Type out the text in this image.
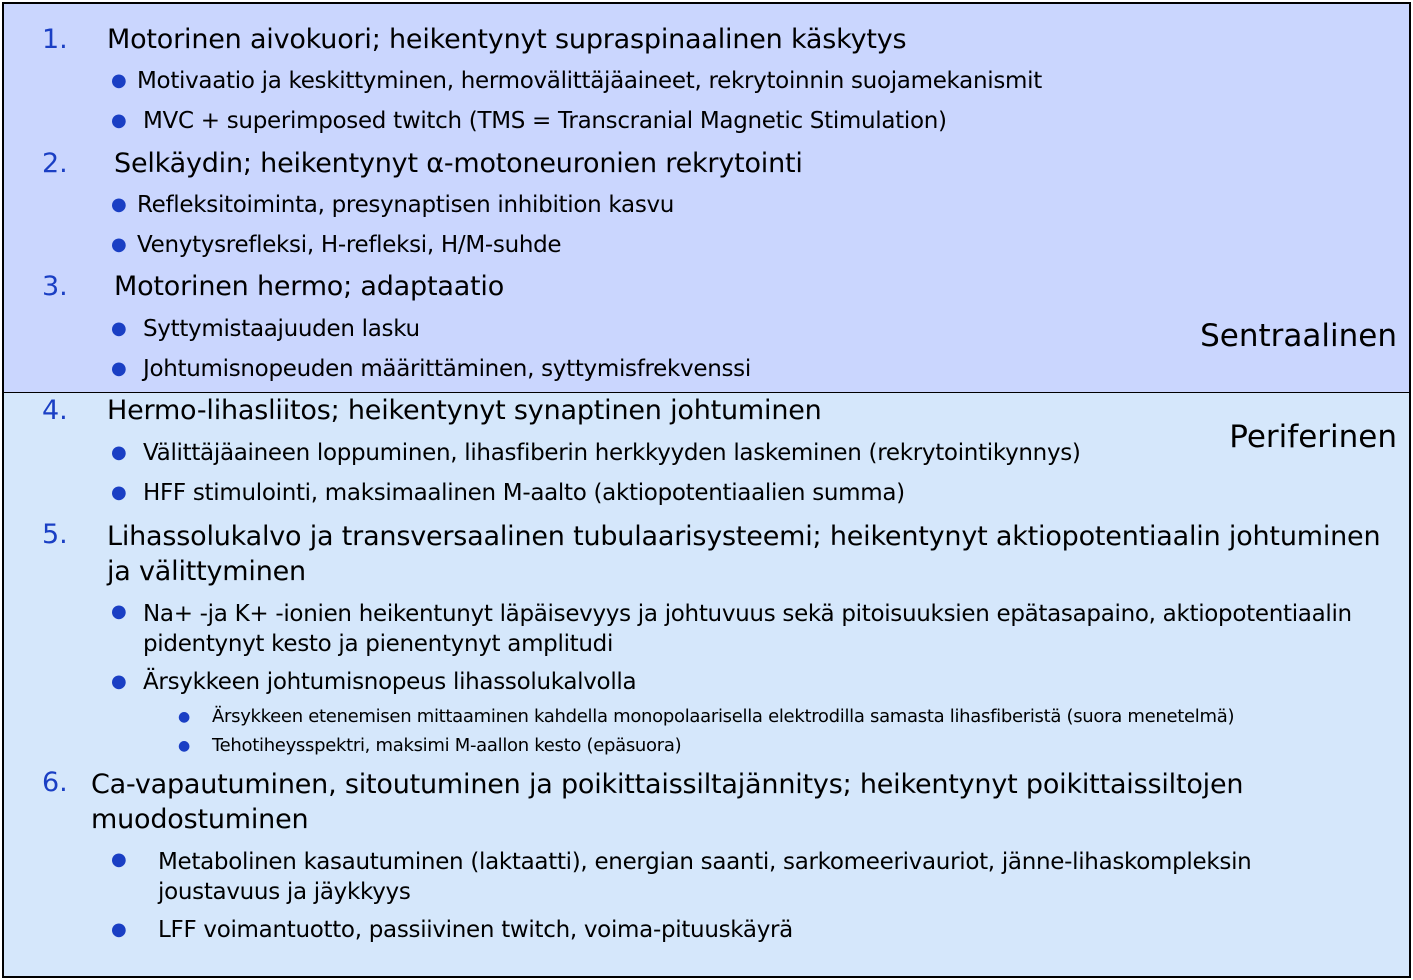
1. Motorinen aivokuori; heikentynyt supraspinaalinen käskytys
● Motivaatio ja keskittyminen, hermovälittäjäaineet, rekrytoinnin suojamekanismit
● MVC + superimposed twitch (TMS = Transcranial Magnetic Stimulation)
2. Selkäydin; heikentynyt α-motoneuronien rekrytointi
● Refleksitoiminta, presynaptisen inhibition kasvu
● Venytysrefleksi, H-refleksi, H/M-suhde
3. Motorinen hermo; adaptaatio
● Syttymistaajuuden lasku
● Johtumisnopeuden määrittäminen, syttymisfrekvenssi
Sentraalinen
4. Hermo-lihasliitos; heikentynyt synaptinen johtuminen
Periferinen
● Välittäjäaineen loppuminen, lihasfiberin herkkyyden laskeminen (rekrytointikynnys)
● HFF stimulointi, maksimaalinen M-aalto (aktiopotentiaalien summa)
5. Lihassolukalvo ja transversaalinen tubulaarisysteemi; heikentynyt aktiopotentiaalin johtuminen ja välittyminen
● Na+ -ja K+ -ionien heikentunyt läpäisevyys ja johtuvuus sekä pitoisuuksien epätasapaino, aktiopotentiaalin pidentynyt kesto ja pienentynyt amplitudi
● Ärsykkeen johtumisnopeus lihassolukalvolla
● Ärsykkeen etenemisen mittaaminen kahdella monopolaarisella elektrodilla samasta lihasfiberistä (suora menetelmä)
● Tehotiheysspektri, maksimi M-aallon kesto (epäsuora)
6. Ca-vapautuminen, sitoutuminen ja poikittaissiltajännitys; heikentynyt poikittaissiltojen muodostuminen
● Metabolinen kasautuminen (laktaatti), energian saanti, sarkomeerivauriot, jänne-lihaskompleksin joustavuus ja jäykkyys
● LFF voimantuotto, passiivinen twitch, voima-pituuskäyrä
